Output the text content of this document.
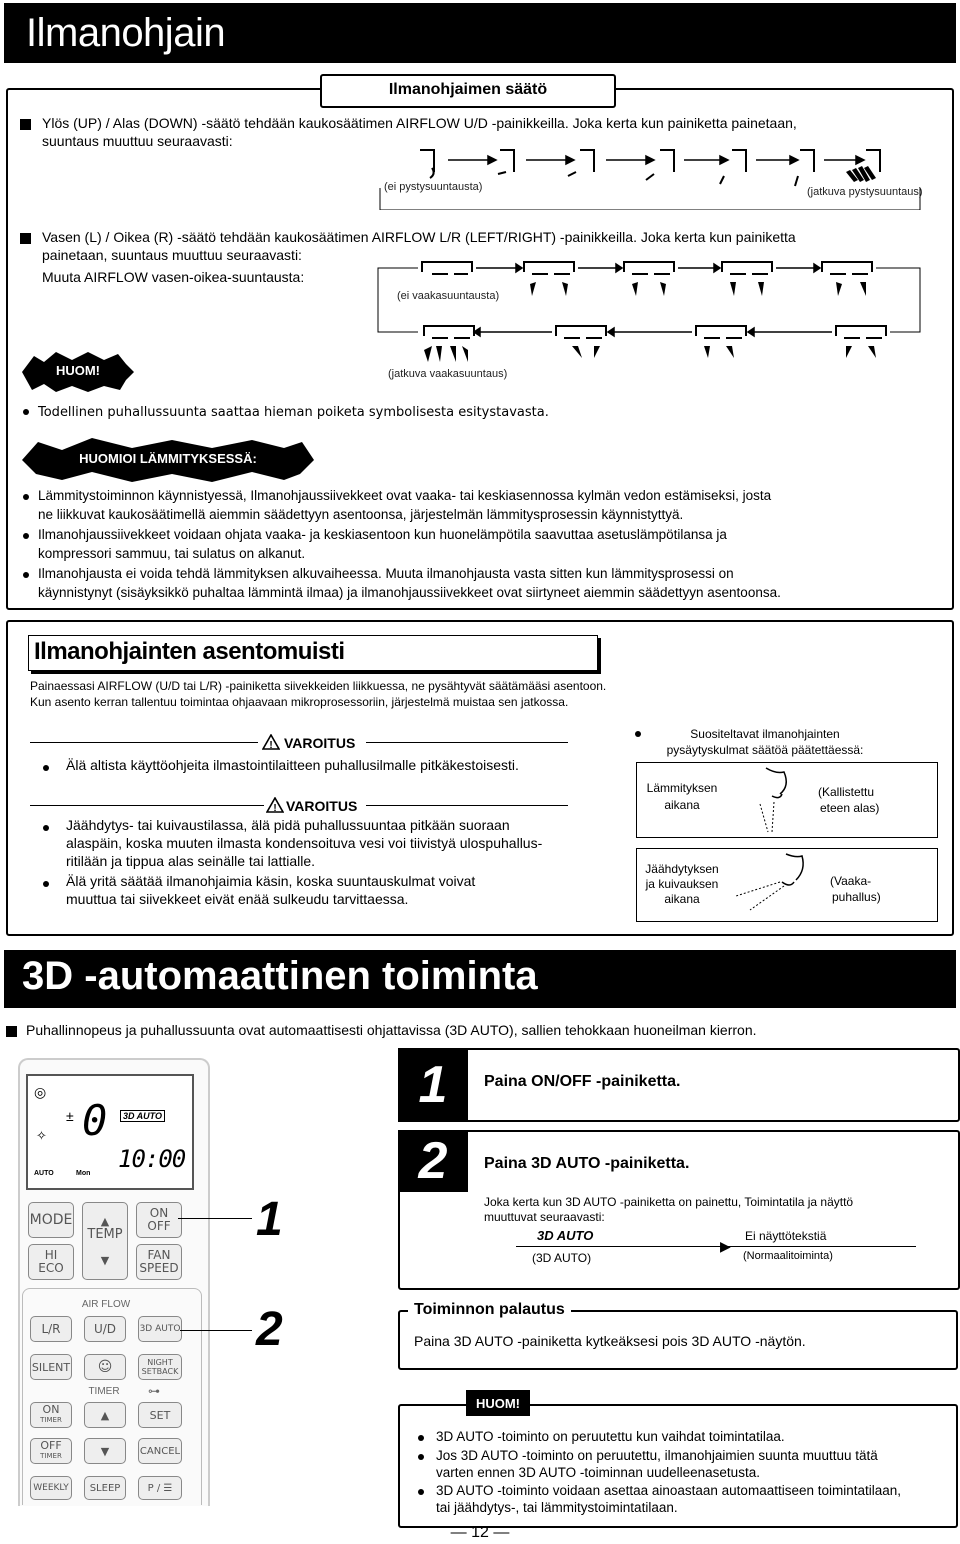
Ilmanohjain
Ilmanohjaimen säätö
Ylös (UP) / Alas (DOWN) -säätö tehdään kaukosäätimen AIRFLOW U/D -painikkeilla. Joka kerta kun painiketta painetaan,
suuntaus muuttuu seuraavasti:
(ei pystysuuntausta)	(jatkuva pystysuuntaus)
Vasen (L) / Oikea (R) -säätö tehdään kaukosäätimen AIRFLOW L/R (LEFT/RIGHT) -painikkeilla. Joka kerta kun painiketta
painetaan, suuntaus muuttuu seuraavasti:
Muuta AIRFLOW vasen-oikea-suuntausta:
(ei vaakasuuntausta)
(jatkuva vaakasuuntaus)
HUOM!
Todellinen puhallussuunta saattaa hieman poiketa symbolisesta esitystavasta.
HUOMIOI LÄMMITYKSESSÄ:
Lämmitystoiminnon käynnistyessä, Ilmanohjaussiivekkeet ovat vaaka- tai keskiasennossa kylmän vedon estämiseksi, josta
ne liikkuvat kaukosäätimellä aiemmin säädettyyn asentoonsa, järjestelmän lämmitysprosessin käynnistyttyä.
Ilmanohjaussiivekkeet voidaan ohjata vaaka- ja keskiasentoon kun huonelämpötila saavuttaa asetuslämpötilansa ja
kompressori sammuu, tai sulatus on alkanut.
Ilmanohjausta ei voida tehdä lämmityksen alkuvaiheessa. Muuta ilmanohjausta vasta sitten kun lämmitysprosessi on
käynnistynyt (sisäyksikkö puhaltaa lämmintä ilmaa) ja ilmanohjaussiivekkeet ovat siirtyneet aiemmin säädettyyn asentoonsa.
Ilmanohjainten asentomuisti
Painaessasi AIRFLOW (U/D tai L/R) -painiketta siivekkeiden liikkuessa, ne pysähtyvät säätämääsi asentoon.
Kun asento kerran tallentuu toimintaa ohjaavaan mikroprosessoriin, järjestelmä muistaa sen jatkossa.
! VAROITUS
Älä altista käyttöohjeita ilmastointilaitteen puhallusilmalle pitkäkestoisesti.
! VAROITUS
Jäähdytys- tai kuivaustilassa, älä pidä puhallussuuntaa pitkään suoraan
alaspäin, koska muuten ilmasta kondensoituva vesi voi tiivistyä ulospuhallus-
ritilään ja tippua alas seinälle tai lattialle.
Älä yritä säätää ilmanohjaimia käsin, koska suuntauskulmat voivat
muuttua tai siivekkeet eivät enää sulkeudu tarvittaessa.
Suositeltavat ilmanohjainten
pysäytyskulmat säätöä päätettäessä:
Lämmityksen
aikana
(Kallistettu
eteen alas)
Jäähdytyksen
ja kuivauksen
aikana
(Vaaka-
puhallus)
3D -automaattinen toiminta
Puhallinnopeus ja puhallussuunta ovat automaattisesti ohjattavissa (3D AUTO), sallien tehokkaan huoneilman kierron.
◎
± 0	3D AUTO
✧
10:00
AUTO	Mon
MODE	▲

TEMP

▼
ON
OFF
HI
ECO
FAN
SPEED
AIR FLOW
L/R	U/D	3D AUTO
SILENT	☺	NIGHT
SETBACK
TIMER	⊶
ON
TIMER	▲	SET
OFF
TIMER	▼	CANCEL
WEEKLY	SLEEP	P / ☰
1
2
1	Paina ON/OFF -painiketta.
2	Paina 3D AUTO -painiketta.
Joka kerta kun 3D AUTO -painiketta on painettu, Toimintatila ja näyttö
muuttuvat seuraavasti:
3D AUTO
▶
(3D AUTO)
Ei näyttötekstiä
(Normaalitoiminta)
Toiminnon palautus
Paina 3D AUTO -painiketta kytkeäksesi pois 3D AUTO -näytön.
HUOM!
3D AUTO -toiminto on peruutettu kun vaihdat toimintatilaa.
Jos 3D AUTO -toiminto on peruutettu, ilmanohjaimien suunta muuttuu tätä
varten ennen 3D AUTO -toiminnan uudelleenasetusta.
3D AUTO -toiminto voidaan asettaa ainoastaan automaattiseen toimintatilaan,
tai jäähdytys-, tai lämmitystoimintatilaan.
— 12 —
